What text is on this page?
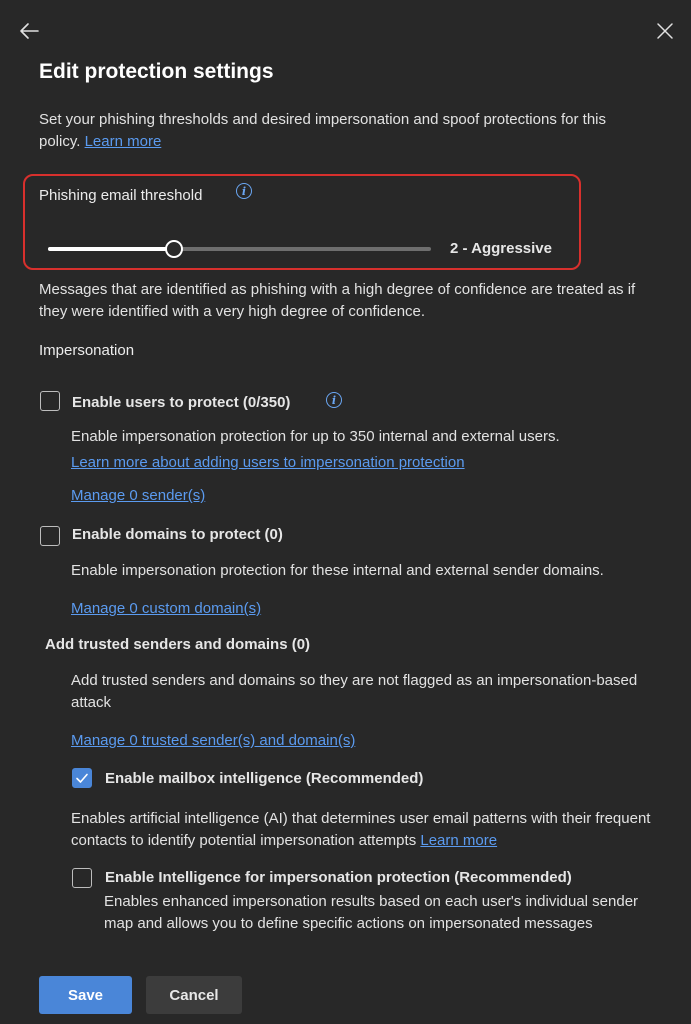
Edit protection settings
Set your phishing thresholds and desired impersonation and spoof protections for this policy. Learn more
Phishing email threshold	i
2 - Aggressive
Messages that are identified as phishing with a high degree of confidence are treated as if they were identified with a very high degree of confidence.
Impersonation
Enable users to protect (0/350)	i
Enable impersonation protection for up to 350 internal and external users.
Learn more about adding users to impersonation protection
Manage 0 sender(s)
Enable domains to protect (0)
Enable impersonation protection for these internal and external sender domains.
Manage 0 custom domain(s)
Add trusted senders and domains (0)
Add trusted senders and domains so they are not flagged as an impersonation-based attack
Manage 0 trusted sender(s) and domain(s)
Enable mailbox intelligence (Recommended)
Enables artificial intelligence (AI) that determines user email patterns with their frequent contacts to identify potential impersonation attempts Learn more
Enable Intelligence for impersonation protection (Recommended)
Enables enhanced impersonation results based on each user's individual sender map and allows you to define specific actions on impersonated messages
Save	Cancel
